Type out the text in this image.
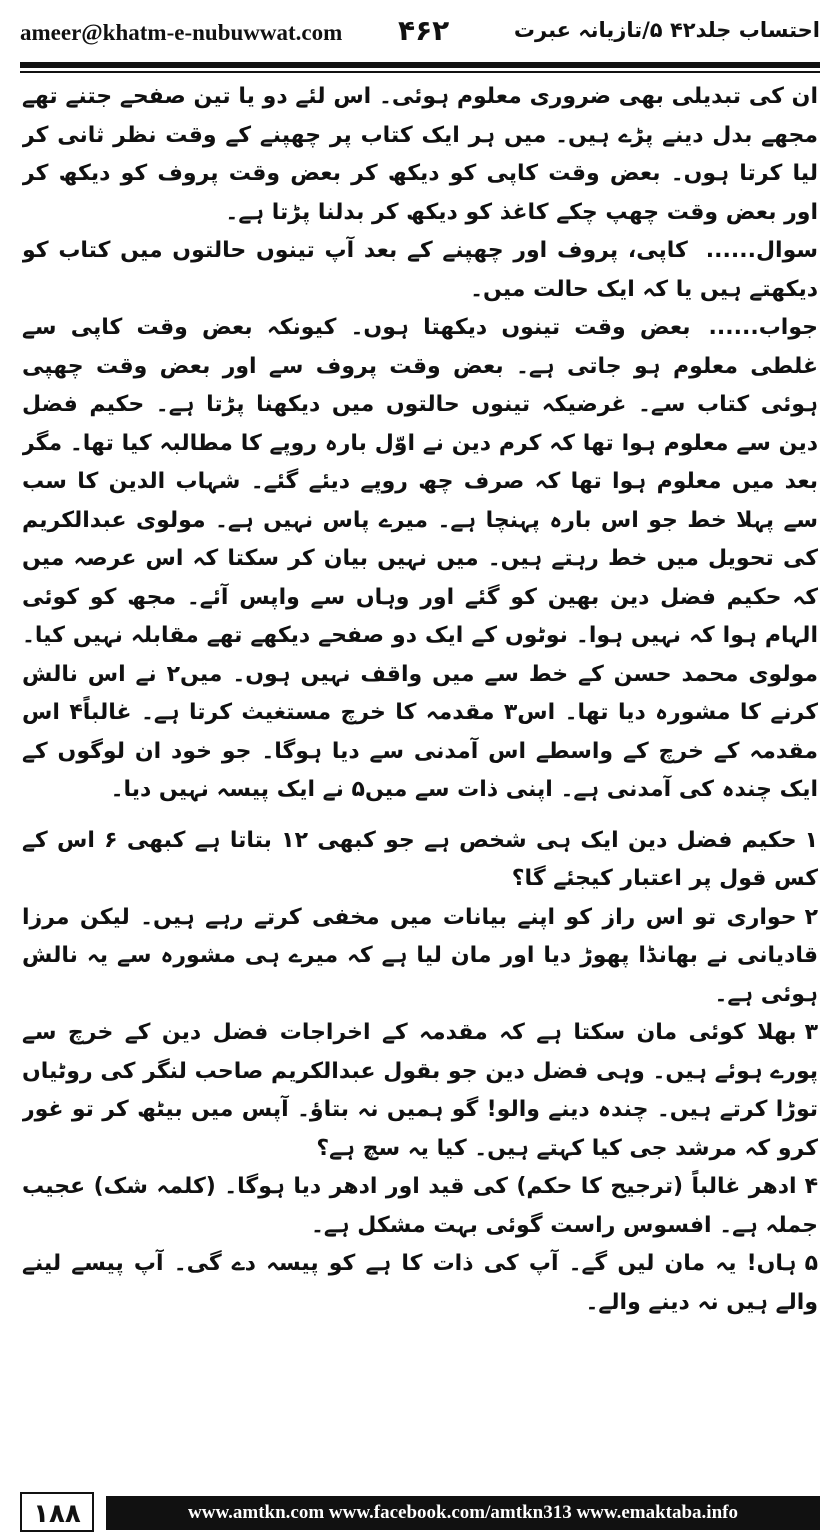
ameer@khatm-e-nubuwwat.com ۴۶۲	احتساب جلد۴۲ ۵/تازیانہ عبرت

ان کی تبدیلی بھی ضروری معلوم ہوئی۔ اس لئے دو یا تین صفحے جتنے تھے مجھے بدل دینے پڑے ہیں۔ میں ہر ایک کتاب پر چھپنے کے وقت نظر ثانی کر لیا کرتا ہوں۔ بعض وقت کاپی کو دیکھ کر بعض وقت پروف کو دیکھ کر اور بعض وقت چھپ چکے کاغذ کو دیکھ کر بدلنا پڑتا ہے۔

سوال......کاپی، پروف اور چھپنے کے بعد آپ تینوں حالتوں میں کتاب کو دیکھتے ہیں یا کہ ایک حالت میں۔

جواب......بعض وقت تینوں دیکھتا ہوں۔ کیونکہ بعض وقت کاپی سے غلطی معلوم ہو جاتی ہے۔ بعض وقت پروف سے اور بعض وقت چھپی ہوئی کتاب سے۔ غرضیکہ تینوں حالتوں میں دیکھنا پڑتا ہے۔ حکیم فضل دین سے معلوم ہوا تھا کہ کرم دین نے اوّل بارہ روپے کا مطالبہ کیا تھا۔ مگر بعد میں معلوم ہوا تھا کہ صرف چھ روپے دیئے گئے۔ شہاب الدین کا سب سے پہلا خط جو اس بارہ پہنچا ہے۔ میرے پاس نہیں ہے۔ مولوی عبدالکریم کی تحویل میں خط رہتے ہیں۔ میں نہیں بیان کر سکتا کہ اس عرصہ میں کہ حکیم فضل دین بھین کو گئے اور وہاں سے واپس آئے۔ مجھ کو کوئی الہام ہوا کہ نہیں ہوا۔ نوٹوں کے ایک دو صفحے دیکھے تھے مقابلہ نہیں کیا۔ مولوی محمد حسن کے خط سے میں واقف نہیں ہوں۔ میں۲ نے اس نالش کرنے کا مشورہ دیا تھا۔ اس۳ مقدمہ کا خرچ مستغیث کرتا ہے۔ غالباً۴ اس مقدمہ کے خرچ کے واسطے اس آمدنی سے دیا ہوگا۔ جو خود ان لوگوں کے ایک چندہ کی آمدنی ہے۔ اپنی ذات سے میں۵ نے ایک پیسہ نہیں دیا۔

۱حکیم فضل دین ایک ہی شخص ہے جو کبھی ۱۲ بتاتا ہے کبھی ۶ اس کے کس قول پر اعتبار کیجئے گا؟

۲حواری تو اس راز کو اپنے بیانات میں مخفی کرتے رہے ہیں۔ لیکن مرزا قادیانی نے بھانڈا پھوڑ دیا اور مان لیا ہے کہ میرے ہی مشورہ سے یہ نالش ہوئی ہے۔

۳بھلا کوئی مان سکتا ہے کہ مقدمہ کے اخراجات فضل دین کے خرچ سے پورے ہوئے ہیں۔ وہی فضل دین جو بقول عبدالکریم صاحب لنگر کی روٹیاں توڑا کرتے ہیں۔ چندہ دینے والو! گو ہمیں نہ بتاؤ۔ آپس میں بیٹھ کر تو غور کرو کہ مرشد جی کیا کہتے ہیں۔ کیا یہ سچ ہے؟

۴ادھر غالباً (ترجیح کا حکم) کی قید اور ادھر دیا ہوگا۔ (کلمہ شک) عجیب جملہ ہے۔ افسوس راست گوئی بہت مشکل ہے۔

۵ہاں! یہ مان لیں گے۔ آپ کی ذات کا ہے کو پیسہ دے گی۔ آپ پیسے لینے والے ہیں نہ دینے والے۔

۱۸۸	www.amtkn.com www.facebook.com/amtkn313 www.emaktaba.info
